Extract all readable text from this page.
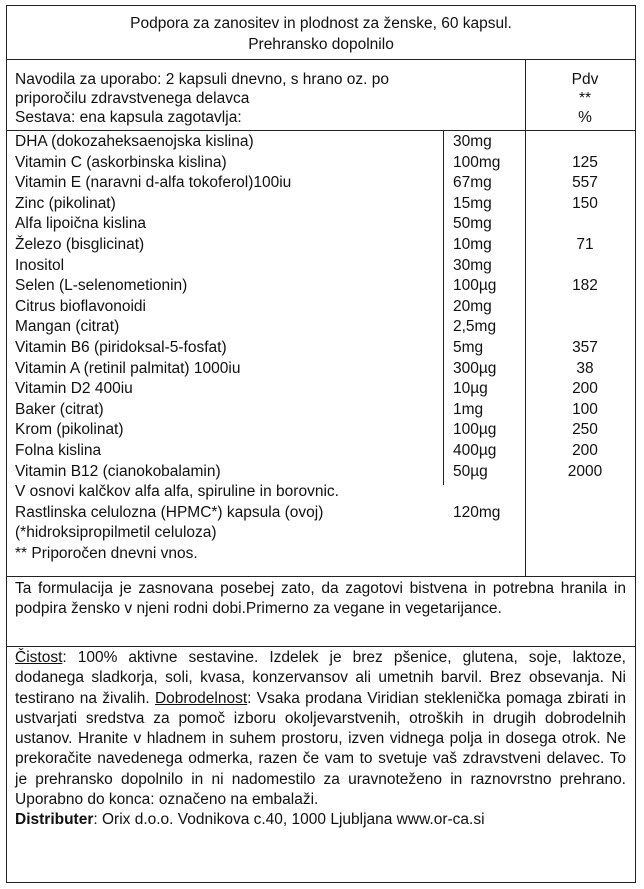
Podpora za zanositev in plodnost za ženske, 60 kapsul.
Prehransko dopolnilo
Navodila za uporabo: 2 kapsuli dnevno, s hrano oz. po
priporočilu zdravstvenega delavca
Sestava: ena kapsula zagotavlja:
Pdv
**
%
DHA (dokozaheksaenojska kislina)	30mg
Vitamin C (askorbinska kislina)	100mg	125
Vitamin E (naravni d-alfa tokoferol)100iu	67mg	557
Zinc (pikolinat)	15mg	150
Alfa lipoična kislina	50mg
Železo (bisglicinat)	10mg	71
Inositol	30mg
Selen (L-selenometionin)	100µg	182
Citrus bioflavonoidi	20mg
Mangan (citrat)	2,5mg
Vitamin B6 (piridoksal-5-fosfat)	5mg	357
Vitamin A (retinil palmitat) 1000iu	300µg	38
Vitamin D2 400iu	10µg	200
Baker (citrat)	1mg	100
Krom (pikolinat)	100µg	250
Folna kislina	400µg	200
Vitamin B12 (cianokobalamin)	50µg	2000
V osnovi kalčkov alfa alfa, spiruline in borovnic.
Rastlinska celulozna (HPMC*) kapsula (ovoj)	120mg
(*hidroksipropilmetil celuloza)
** Priporočen dnevni vnos.
Ta formulacija je zasnovana posebej zato, da zagotovi bistvena in potrebna hranila in podpira žensko v njeni rodni dobi.Primerno za vegane in vegetarijance.
Čistost: 100% aktivne sestavine. Izdelek je brez pšenice, glutena, soje, laktoze, dodanega sladkorja, soli, kvasa, konzervansov ali umetnih barvil. Brez obsevanja. Ni testirano na živalih. Dobrodelnost: Vsaka prodana Viridian stekleničkа pomaga zbirati in ustvarjati sredstva za pomoč izboru okoljevarstvenih, otroških in drugih dobrodelnih ustanov. Hranite v hladnem in suhem prostoru, izven vidnega polja in dosega otrok. Ne prekoračite navedenega odmerka, razen če vam to svetuje vaš zdravstveni delavec. To je prehransko dopolnilo in ni nadomestilo za uravnoteženo in raznovrstno prehrano. Uporabno do konca: označeno na embalaži.
Distributer: Orix d.o.o. Vodnikova c.40, 1000 Ljubljana www.or-ca.si
